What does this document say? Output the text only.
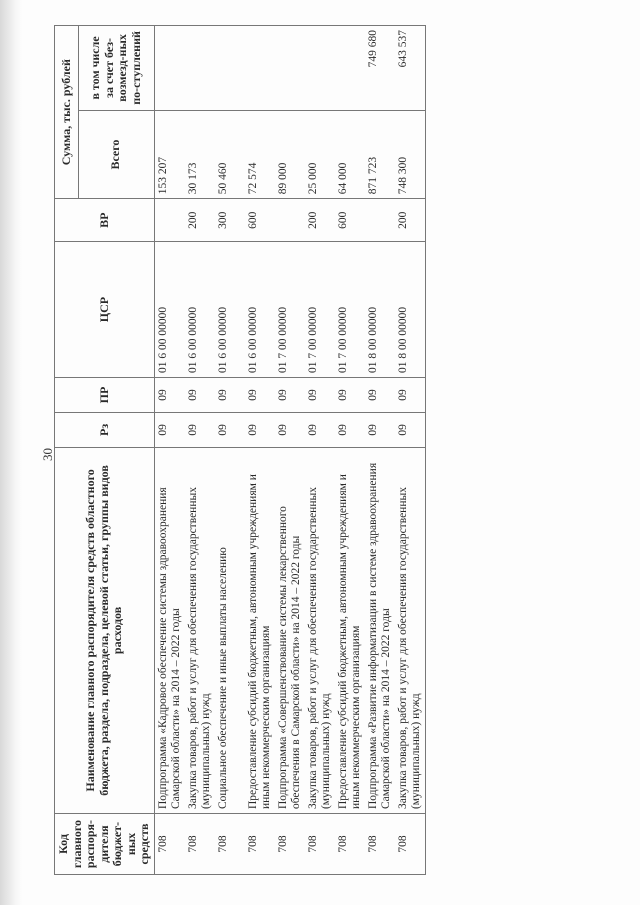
30
Код главного распоря-дителя бюджет-ных средств	Наименование главного распорядителя средств областного бюджета, раздела, подраздела, целевой статьи, группы видов расходов	Рз	ПР	ЦСР	ВР	Сумма, тыс. рублей	
						Всего	в том числе за счет без-возмезд-ных по-ступлений
708	Подпрограмма «Кадровое обеспечение системы здравоохранения Самарской области» на 2014 – 2022 годы	09	09	01 6 00 00000		153 207	
708	Закупка товаров, работ и услуг для обеспечения государственных (муниципальных) нужд	09	09	01 6 00 00000	200	30 173	
708	Социальное обеспечение и иные выплаты населению	09	09	01 6 00 00000	300	50 460	
708	Предоставление субсидий бюджетным, автономным учреждениям и иным некоммерческим организациям	09	09	01 6 00 00000	600	72 574	
708	Подпрограмма «Совершенствование системы лекарственного обеспечения в Самарской области» на 2014 – 2022 годы	09	09	01 7 00 00000		89 000	
708	Закупка товаров, работ и услуг для обеспечения государственных (муниципальных) нужд	09	09	01 7 00 00000	200	25 000	
708	Предоставление субсидий бюджетным, автономным учреждениям и иным некоммерческим организациям	09	09	01 7 00 00000	600	64 000	
708	Подпрограмма «Развитие информатизации в системе здравоохранения Самарской области» на 2014 – 2022 годы	09	09	01 8 00 00000		871 723	749 680
708	Закупка товаров, работ и услуг для обеспечения государственных (муниципальных) нужд	09	09	01 8 00 00000	200	748 300	643 537
